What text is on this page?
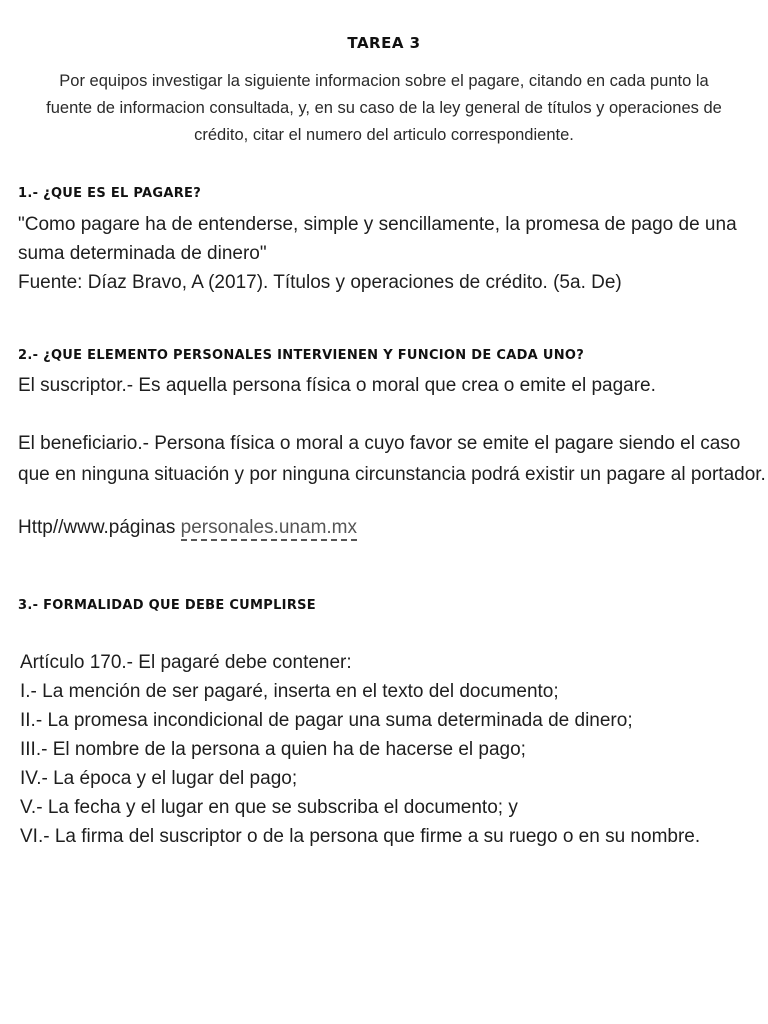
TAREA 3
Por equipos investigar la siguiente informacion sobre el pagare, citando en cada punto la
fuente de informacion consultada, y, en su caso de la ley general de títulos y operaciones de
crédito, citar el numero del articulo correspondiente.
1.- ¿QUE ES EL PAGARE?
"Como pagare ha de entenderse, simple y sencillamente, la promesa de pago de una
suma determinada de dinero"
Fuente: Díaz Bravo, A (2017). Títulos y operaciones de crédito. (5a. De)
2.- ¿QUE ELEMENTO PERSONALES INTERVIENEN Y FUNCION DE CADA UNO?
El suscriptor.- Es aquella persona física o moral que crea o emite el pagare.
El beneficiario.- Persona física o moral a cuyo favor se emite el pagare siendo el caso
que en ninguna situación y por ninguna circunstancia podrá existir un pagare al portador.
Http//www.páginas personales.unam.mx
3.- FORMALIDAD QUE DEBE CUMPLIRSE
Artículo 170.- El pagaré debe contener:
I.- La mención de ser pagaré, inserta en el texto del documento;
II.- La promesa incondicional de pagar una suma determinada de dinero;
III.- El nombre de la persona a quien ha de hacerse el pago;
IV.- La época y el lugar del pago;
V.- La fecha y el lugar en que se subscriba el documento; y
VI.- La firma del suscriptor o de la persona que firme a su ruego o en su nombre.
